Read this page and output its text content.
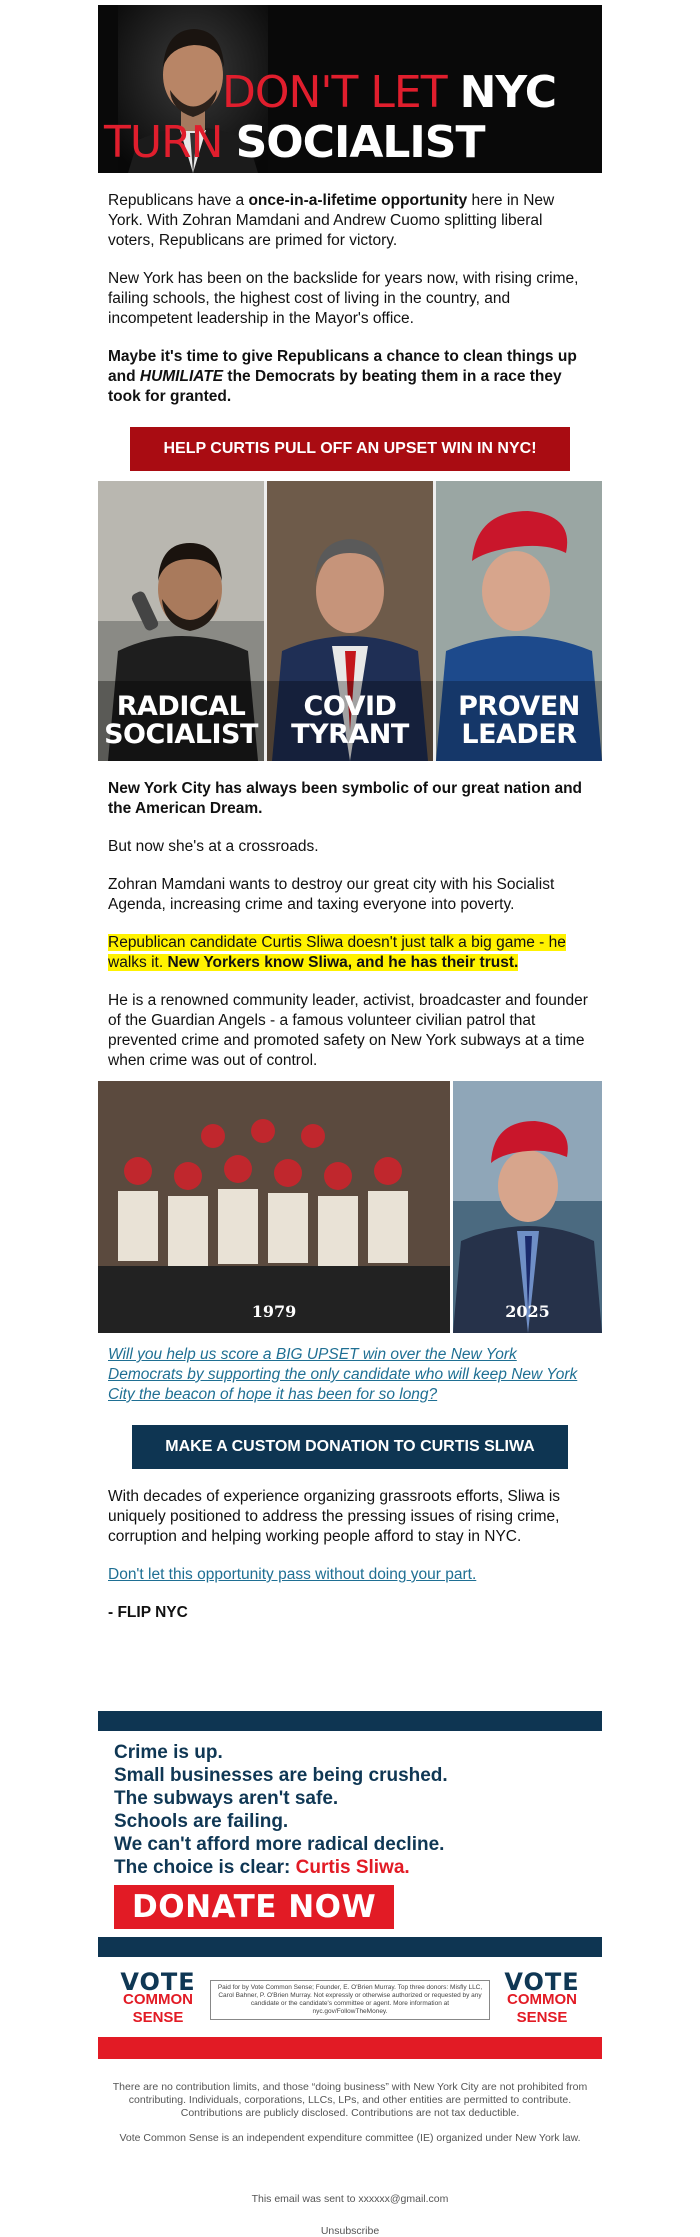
DON'T LET NYC
TURN SOCIALIST

Republicans have a once-in-a-lifetime opportunity here in New York. With Zohran Mamdani and Andrew Cuomo splitting liberal voters, Republicans are primed for victory.

New York has been on the backslide for years now, with rising crime, failing schools, the highest cost of living in the country, and incompetent leadership in the Mayor's office.

Maybe it's time to give Republicans a chance to clean things up and HUMILIATE the Democrats by beating them in a race they took for granted.

HELP CURTIS PULL OFF AN UPSET WIN IN NYC!
RADICAL
SOCIALIST
COVID
TYRANT
PROVEN
LEADER

New York City has always been symbolic of our great nation and the American Dream.

But now she's at a crossroads.

Zohran Mamdani wants to destroy our great city with his Socialist Agenda, increasing crime and taxing everyone into poverty.

Republican candidate Curtis Sliwa doesn't just talk a big game - he walks it. New Yorkers know Sliwa, and he has their trust.

He is a renowned community leader, activist, broadcaster and founder of the Guardian Angels - a famous volunteer civilian patrol that prevented crime and promoted safety on New York subways at a time when crime was out of control.

1979	2025

Will you help us score a BIG UPSET win over the New York Democrats by supporting the only candidate who will keep New York City the beacon of hope it has been for so long?

MAKE A CUSTOM DONATION TO CURTIS SLIWA

With decades of experience organizing grassroots efforts, Sliwa is uniquely positioned to address the pressing issues of rising crime, corruption and helping working people afford to stay in NYC.

Don't let this opportunity pass without doing your part.

- FLIP NYC

Crime is up.
Small businesses are being crushed.
The subways aren't safe.
Schools are failing.
We can't afford more radical decline.
The choice is clear: Curtis Sliwa.
DONATE NOW
VOTE
COMMON
SENSE
Paid for by Vote Common Sense; Founder, E. O'Brien Murray. Top three donors: Misfly LLC, Carol Bahner, P. O'Brien Murray. Not expressly or otherwise authorized or requested by any candidate or the candidate's committee or agent. More information at nyc.gov/FollowTheMoney.
VOTE
COMMON
SENSE

There are no contribution limits, and those “doing business” with New York City are not prohibited from contributing. Individuals, corporations, LLCs, LPs, and other entities are permitted to contribute. Contributions are publicly disclosed. Contributions are not tax deductible.

Vote Common Sense is an independent expenditure committee (IE) organized under New York law.

This email was sent to xxxxxx@gmail.com

Unsubscribe
